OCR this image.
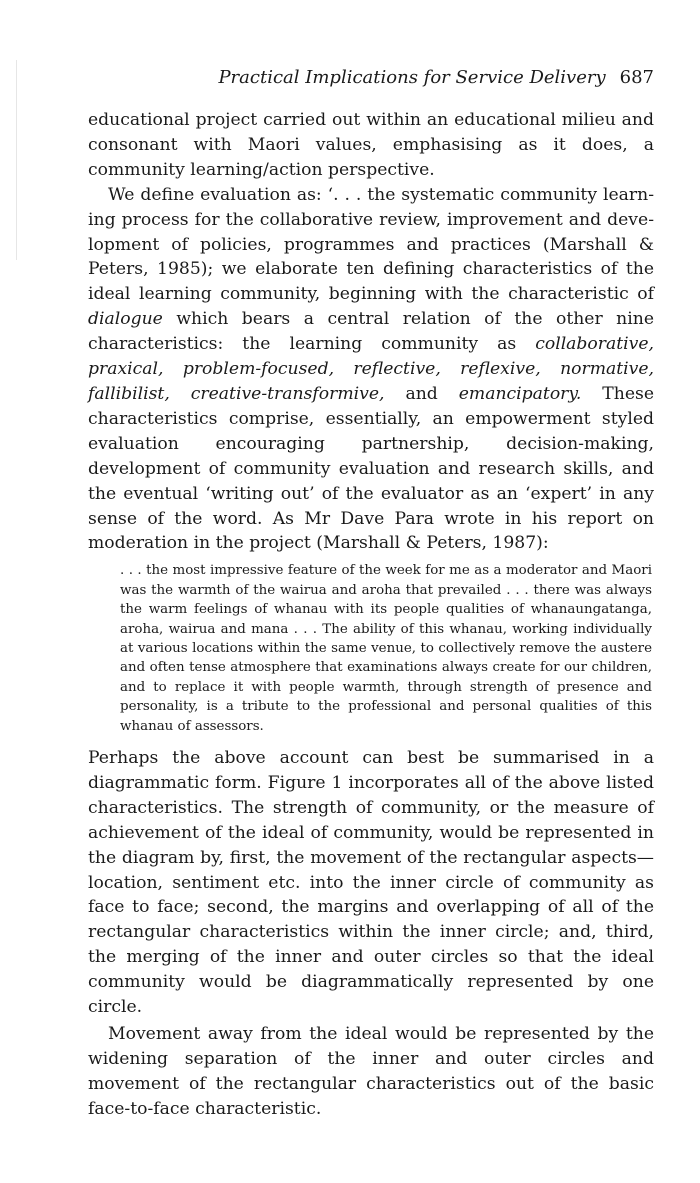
Practical Implications for Service Delivery 687

educational project carried out within an educational milieu and consonant with Maori values, emphasising as it does, a community learning/action perspective.

We define evaluation as: ‘. . . the systematic community learning process for the collaborative review, improvement and development of policies, programmes and practices (Marshall & Peters, 1985); we elaborate ten defining characteristics of the ideal learning community, beginning with the characteristic of dialogue which bears a central relation of the other nine characteristics: the learning community as collaborative, praxical, problem-focused, reflective, reflexive, normative, fallibilist, creative-transformive, and emancipatory. These characteristics comprise, essentially, an empowerment styled evaluation encouraging partnership, decision-making, development of community evaluation and research skills, and the eventual ‘writing out’ of the evaluator as an ‘expert’ in any sense of the word. As Mr Dave Para wrote in his report on moderation in the project (Marshall & Peters, 1987):

. . . the most impressive feature of the week for me as a moderator and Maori was the warmth of the wairua and aroha that prevailed . . . there was always the warm feelings of whanau with its people qualities of whanaungatanga, aroha, wairua and mana . . . The ability of this whanau, working individually at various locations within the same venue, to collectively remove the austere and often tense atmosphere that examinations always create for our children, and to replace it with people warmth, through strength of presence and personality, is a tribute to the professional and personal qualities of this whanau of assessors.

Perhaps the above account can best be summarised in a diagrammatic form. Figure 1 incorporates all of the above listed characteristics. The strength of community, or the measure of achievement of the ideal of community, would be represented in the diagram by, first, the movement of the rectangular aspects—location, sentiment etc. into the inner circle of community as face to face; second, the margins and overlapping of all of the rectangular characteristics within the inner circle; and, third, the merging of the inner and outer circles so that the ideal community would be diagrammatically represented by one circle.

Movement away from the ideal would be represented by the widening separation of the inner and outer circles and movement of the rectangular characteristics out of the basic face-to-face characteristic.
